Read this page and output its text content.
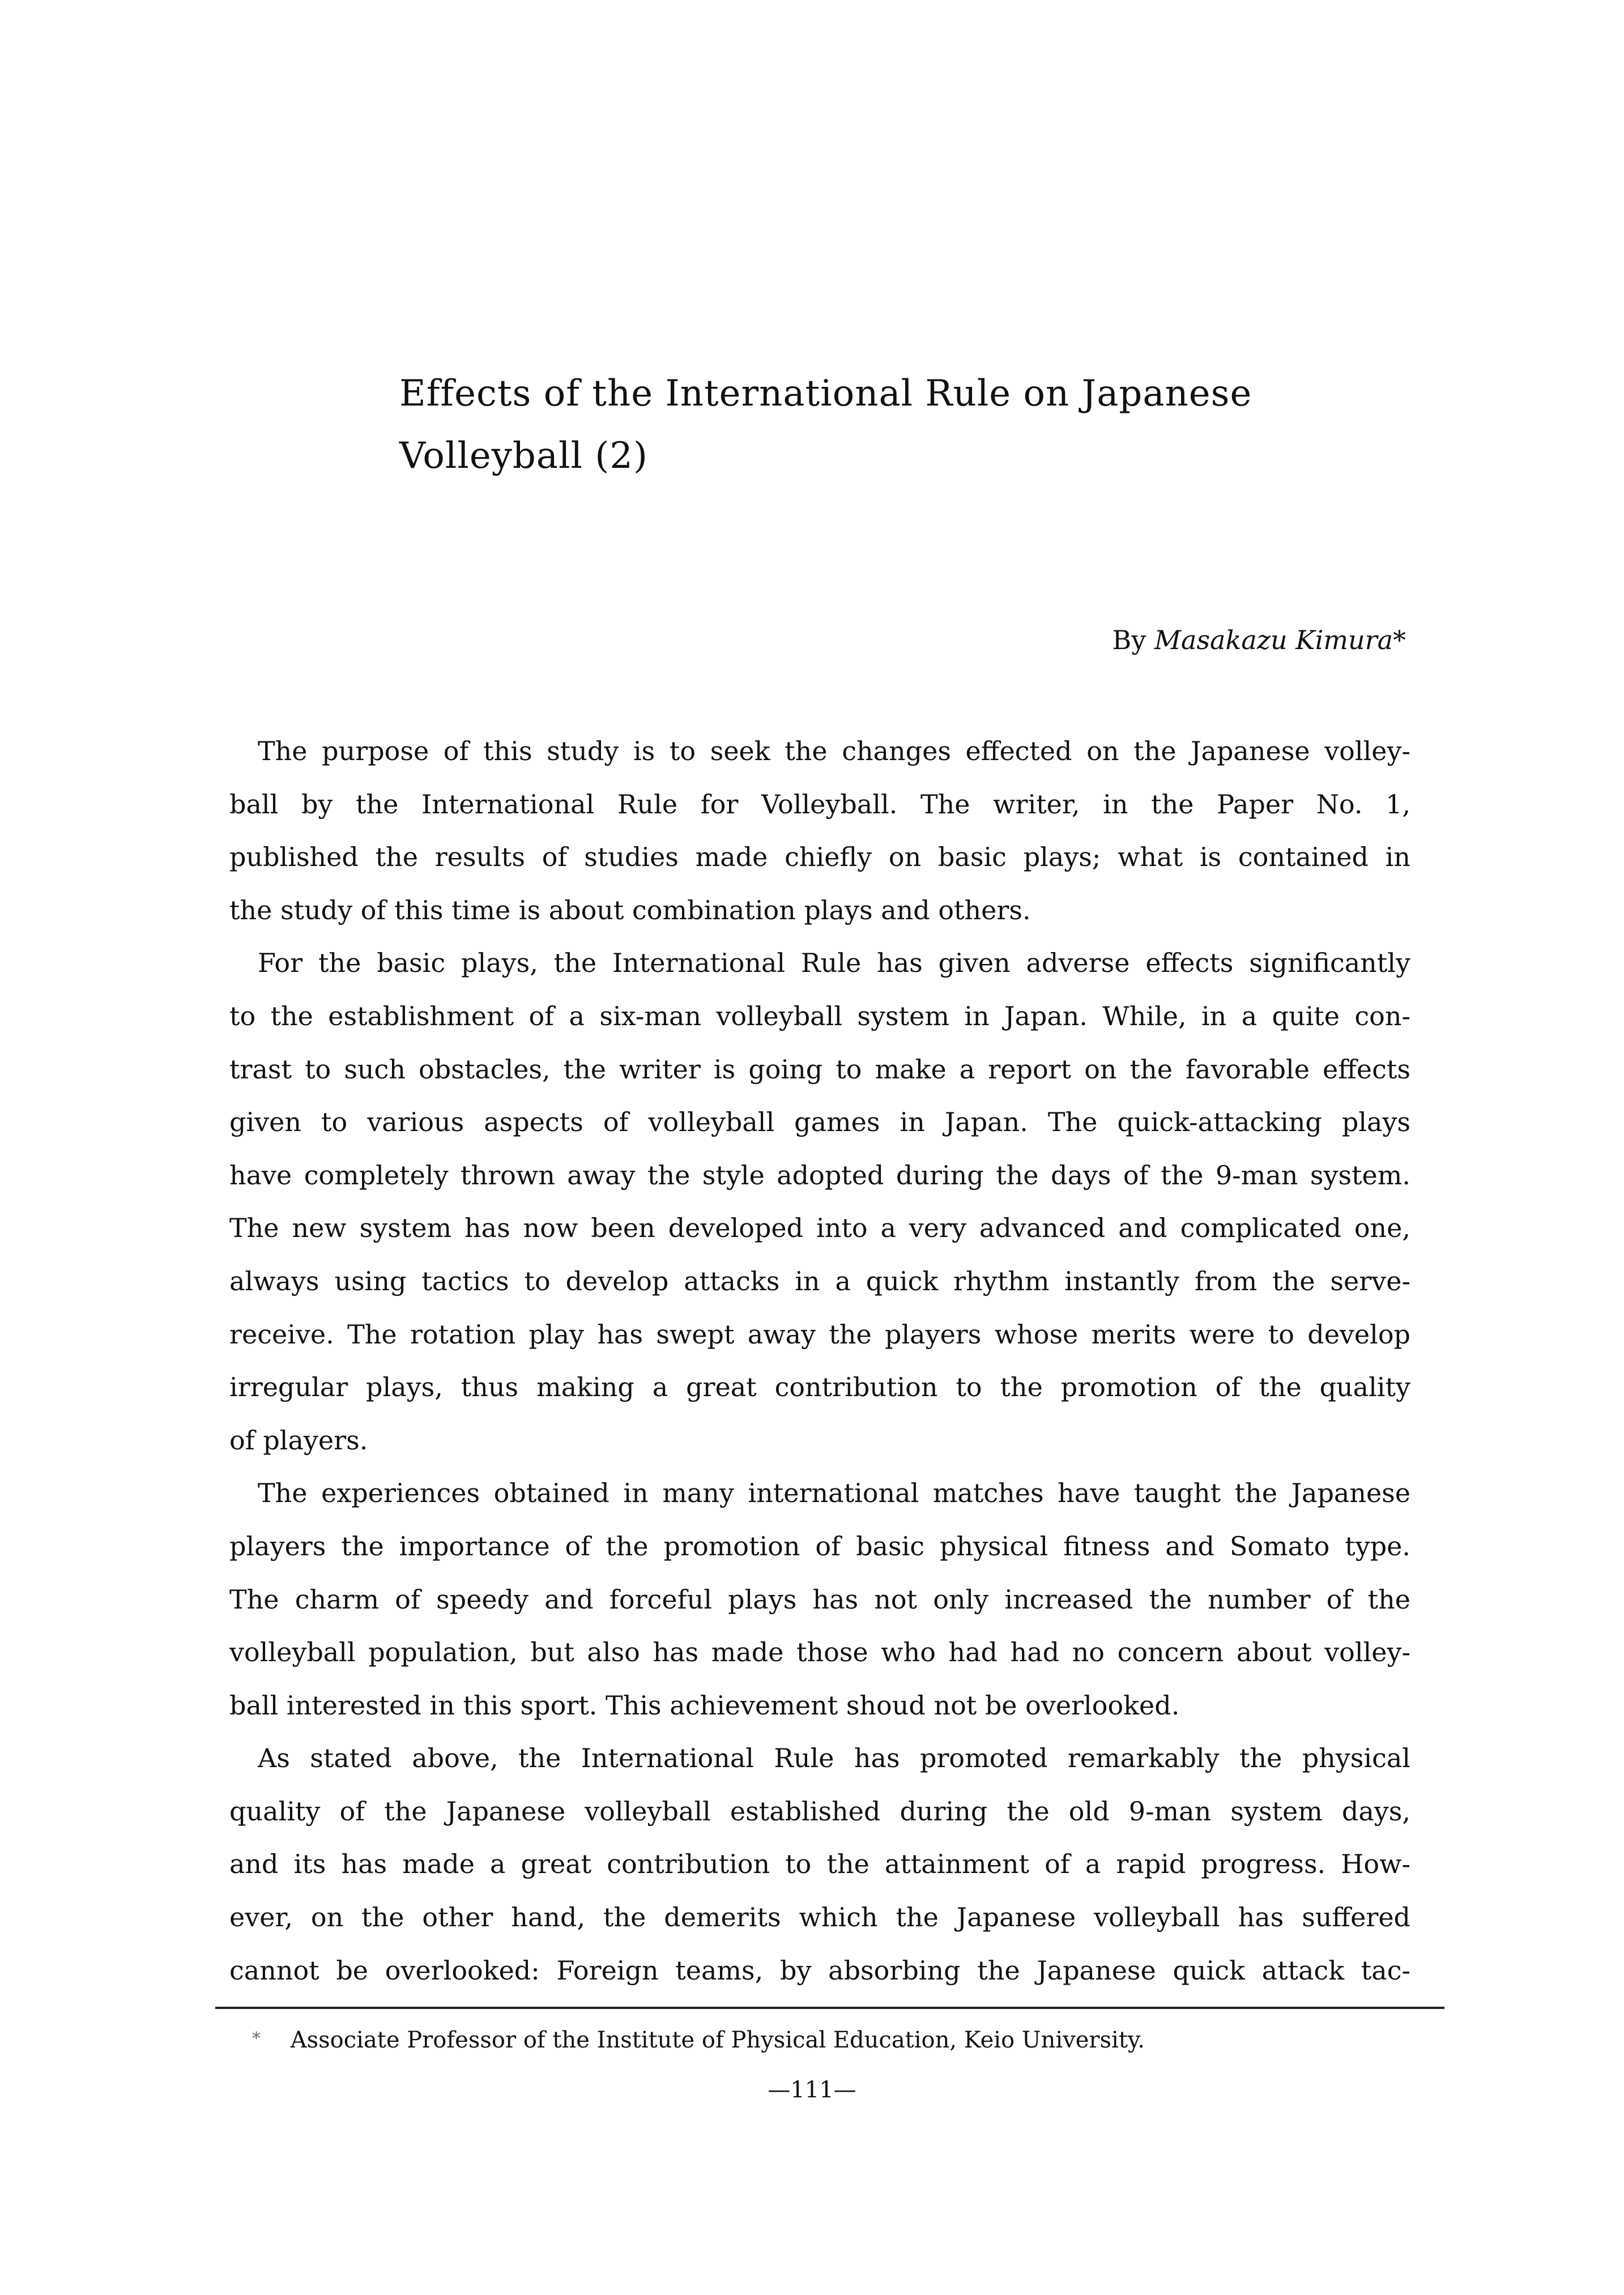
Effects of the International Rule on Japanese
Volleyball (2)
By Masakazu Kimura*

The purpose of this study is to seek the changes effected on the Japanese volley-
ball by the International Rule for Volleyball. The writer, in the Paper No. 1,
published the results of studies made chiefly on basic plays; what is contained in
the study of this time is about combination plays and others.

For the basic plays, the International Rule has given adverse effects significantly
to the establishment of a six-man volleyball system in Japan. While, in a quite con-
trast to such obstacles, the writer is going to make a report on the favorable effects
given to various aspects of volleyball games in Japan. The quick-attacking plays
have completely thrown away the style adopted during the days of the 9-man system.
The new system has now been developed into a very advanced and complicated one,
always using tactics to develop attacks in a quick rhythm instantly from the serve-
receive. The rotation play has swept away the players whose merits were to develop
irregular plays, thus making a great contribution to the promotion of the quality
of players.

The experiences obtained in many international matches have taught the Japanese
players the importance of the promotion of basic physical fitness and Somato type.
The charm of speedy and forceful plays has not only increased the number of the
volleyball population, but also has made those who had had no concern about volley-
ball interested in this sport. This achievement shoud not be overlooked.

As stated above, the International Rule has promoted remarkably the physical
quality of the Japanese volleyball established during the old 9-man system days,
and its has made a great contribution to the attainment of a rapid progress. How-
ever, on the other hand, the demerits which the Japanese volleyball has suffered
cannot be overlooked: Foreign teams, by absorbing the Japanese quick attack tac-

* Associate Professor of the Institute of Physical Education, Keio University.
—111—
